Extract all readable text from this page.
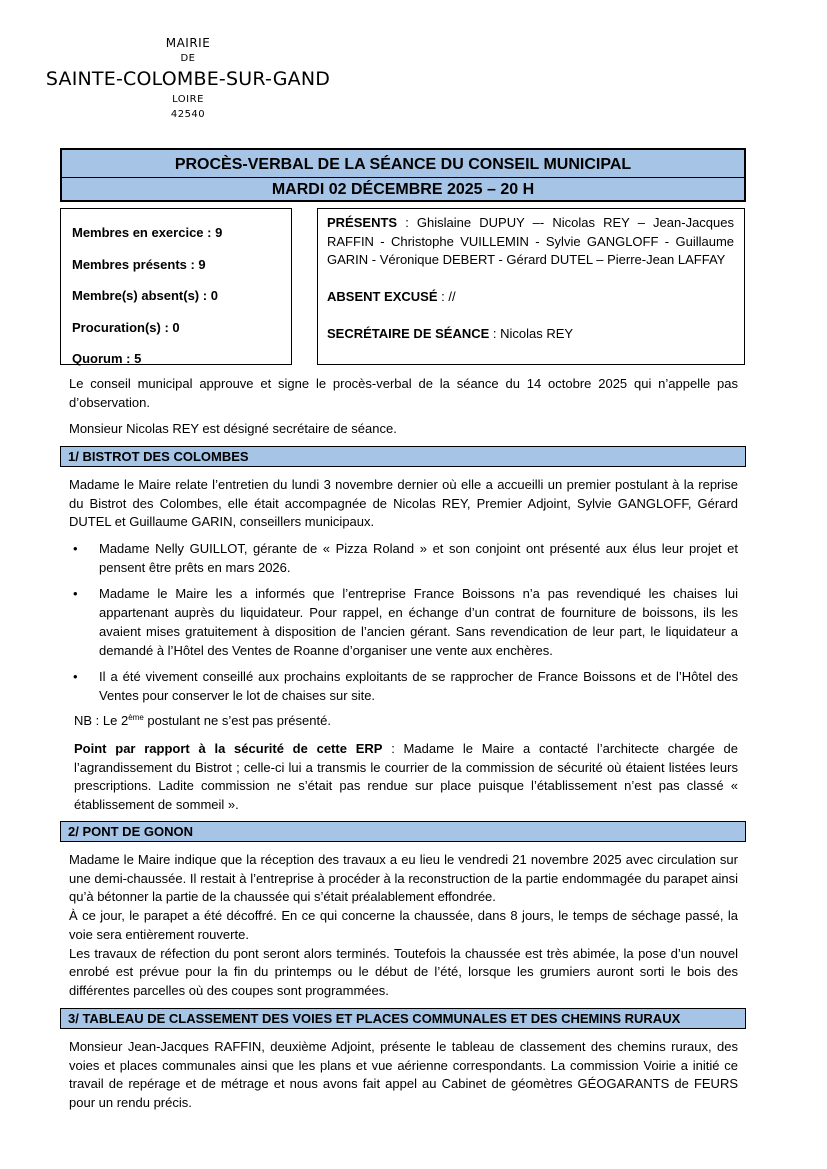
MAIRIE
DE
SAINTE-COLOMBE-SUR-GAND
LOIRE
42540
PROCÈS-VERBAL DE LA SÉANCE DU CONSEIL MUNICIPAL
MARDI 02 DÉCEMBRE 2025 – 20 H
Membres en exercice : 9
Membres présents : 9
Membre(s) absent(s) : 0
Procuration(s) : 0
Quorum : 5
PRÉSENTS : Ghislaine DUPUY –- Nicolas REY – Jean-Jacques RAFFIN - Christophe VUILLEMIN - Sylvie GANGLOFF - Guillaume GARIN - Véronique DEBERT - Gérard DUTEL – Pierre-Jean LAFFAY
ABSENT EXCUSÉ : //
SECRÉTAIRE DE SÉANCE : Nicolas REY
Le conseil municipal approuve et signe le procès-verbal de la séance du 14 octobre 2025 qui n’appelle pas d’observation.
Monsieur Nicolas REY est désigné secrétaire de séance.
1/ BISTROT DES COLOMBES
Madame le Maire relate l’entretien du lundi 3 novembre dernier où elle a accueilli un premier postulant à la reprise du Bistrot des Colombes, elle était accompagnée de Nicolas REY, Premier Adjoint, Sylvie GANGLOFF, Gérard DUTEL et Guillaume GARIN, conseillers municipaux.
• Madame Nelly GUILLOT, gérante de « Pizza Roland » et son conjoint ont présenté aux élus leur projet et pensent être prêts en mars 2026.
• Madame le Maire les a informés que l’entreprise France Boissons n’a pas revendiqué les chaises lui appartenant auprès du liquidateur. Pour rappel, en échange d’un contrat de fourniture de boissons, ils les avaient mises gratuitement à disposition de l’ancien gérant. Sans revendication de leur part, le liquidateur a demandé à l’Hôtel des Ventes de Roanne d’organiser une vente aux enchères.
• Il a été vivement conseillé aux prochains exploitants de se rapprocher de France Boissons et de l’Hôtel des Ventes pour conserver le lot de chaises sur site.
NB : Le 2ème postulant ne s’est pas présenté.
Point par rapport à la sécurité de cette ERP : Madame le Maire a contacté l’architecte chargée de l’agrandissement du Bistrot ; celle-ci lui a transmis le courrier de la commission de sécurité où étaient listées leurs prescriptions. Ladite commission ne s’était pas rendue sur place puisque l’établissement n’est pas classé « établissement de sommeil ».
2/ PONT DE GONON
Madame le Maire indique que la réception des travaux a eu lieu le vendredi 21 novembre 2025 avec circulation sur une demi-chaussée. Il restait à l’entreprise à procéder à la reconstruction de la partie endommagée du parapet ainsi qu’à bétonner la partie de la chaussée qui s’était préalablement effondrée.
À ce jour, le parapet a été décoffré. En ce qui concerne la chaussée, dans 8 jours, le temps de séchage passé, la voie sera entièrement rouverte.
Les travaux de réfection du pont seront alors terminés. Toutefois la chaussée est très abimée, la pose d’un nouvel enrobé est prévue pour la fin du printemps ou le début de l’été, lorsque les grumiers auront sorti le bois des différentes parcelles où des coupes sont programmées.
3/ TABLEAU DE CLASSEMENT DES VOIES ET PLACES COMMUNALES ET DES CHEMINS RURAUX
Monsieur Jean-Jacques RAFFIN, deuxième Adjoint, présente le tableau de classement des chemins ruraux, des voies et places communales ainsi que les plans et vue aérienne correspondants. La commission Voirie a initié ce travail de repérage et de métrage et nous avons fait appel au Cabinet de géomètres GÉOGARANTS de FEURS pour un rendu précis.
